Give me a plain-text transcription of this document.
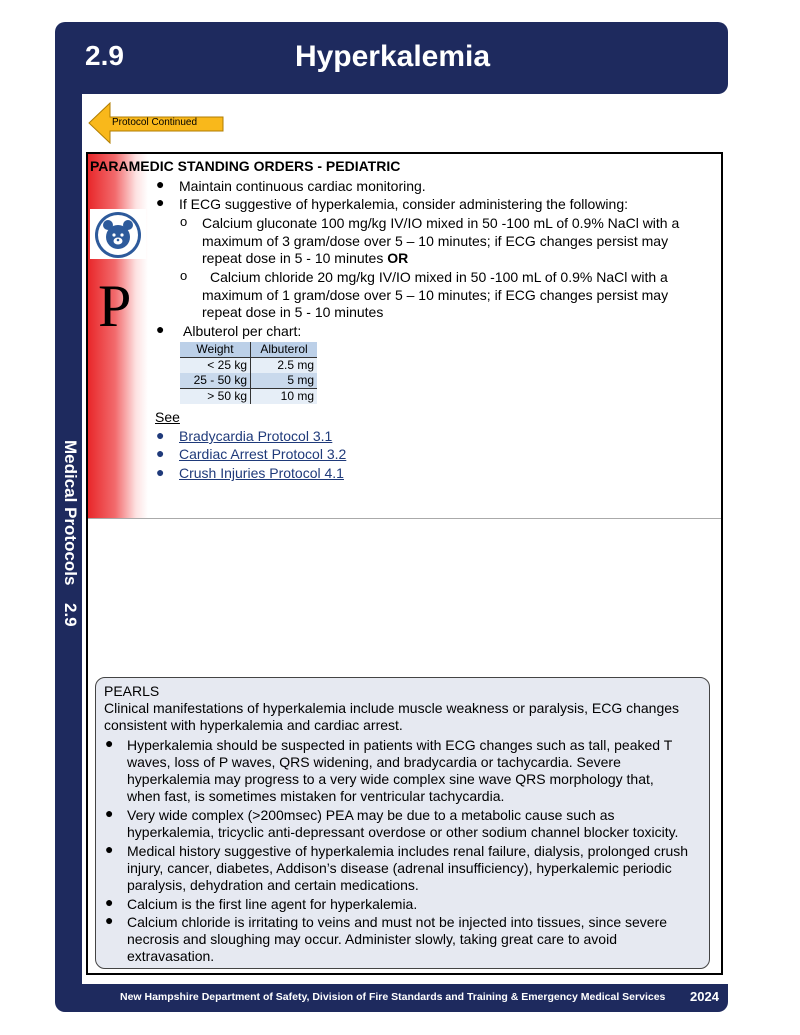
2.9	Hyperkalemia
Medical Protocols2.9
New Hampshire Department of Safety, Division of Fire Standards and Training & Emergency Medical Services 2024
Protocol Continued
P
PARAMEDIC STANDING ORDERS - PEDIATRIC
● Maintain continuous cardiac monitoring.
● If ECG suggestive of hyperkalemia, consider administering the following:
o Calcium gluconate 100 mg/kg IV/IO mixed in 50 -100 mL of 0.9% NaCl with a
maximum of 3 gram/dose over 5 – 10 minutes; if ECG changes persist may
repeat dose in 5 - 10 minutes OR
o Calcium chloride 20 mg/kg IV/IO mixed in 50 -100 mL of 0.9% NaCl with a
maximum of 1 gram/dose over 5 – 10 minutes; if ECG changes persist may
repeat dose in 5 - 10 minutes
● Albuterol per chart:
Weight	Albuterol
< 25 kg	2.5 mg
25 - 50 kg	5 mg
> 50 kg	10 mg
See
● Bradycardia Protocol 3.1
● Cardiac Arrest Protocol 3.2
● Crush Injuries Protocol 4.1
PEARLS
Clinical manifestations of hyperkalemia include muscle weakness or paralysis, ECG changes
consistent with hyperkalemia and cardiac arrest.
● Hyperkalemia should be suspected in patients with ECG changes such as tall, peaked T
waves, loss of P waves, QRS widening, and bradycardia or tachycardia. Severe
hyperkalemia may progress to a very wide complex sine wave QRS morphology that,
when fast, is sometimes mistaken for ventricular tachycardia.
● Very wide complex (>200msec) PEA may be due to a metabolic cause such as
hyperkalemia, tricyclic anti-depressant overdose or other sodium channel blocker toxicity.
● Medical history suggestive of hyperkalemia includes renal failure, dialysis, prolonged crush
injury, cancer, diabetes, Addison’s disease (adrenal insufficiency), hyperkalemic periodic
paralysis, dehydration and certain medications.
● Calcium is the first line agent for hyperkalemia.
● Calcium chloride is irritating to veins and must not be injected into tissues, since severe
necrosis and sloughing may occur. Administer slowly, taking great care to avoid
extravasation.
